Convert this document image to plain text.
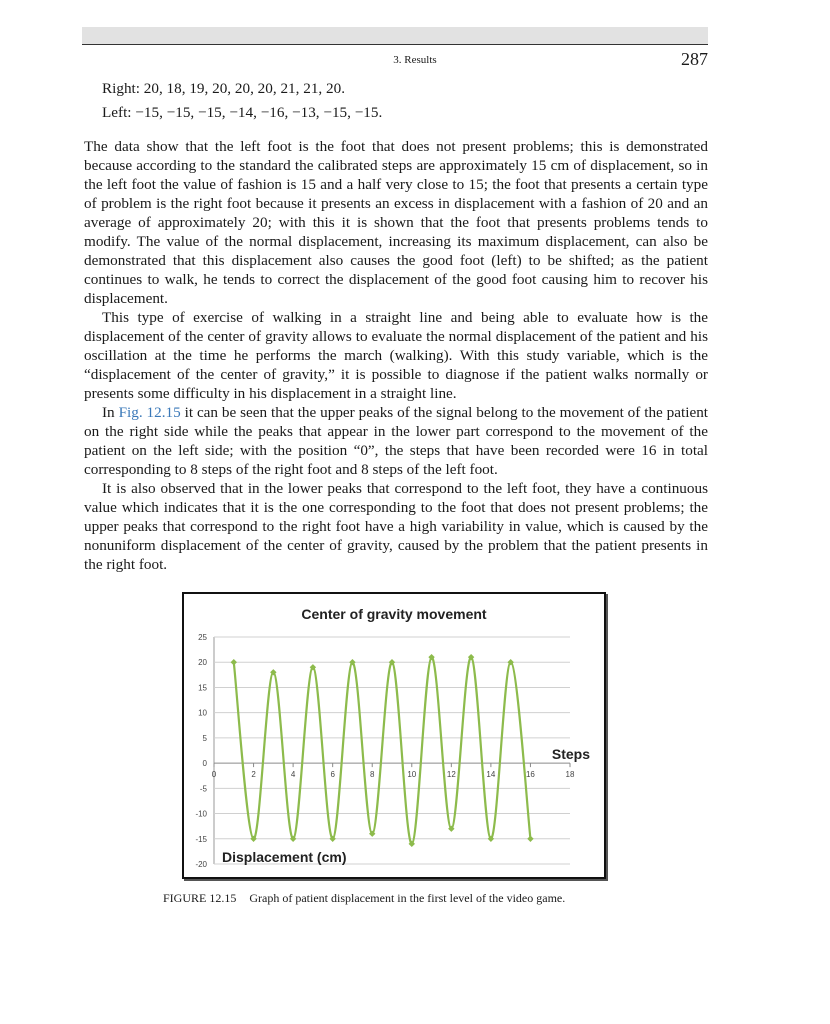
3. Results	287
Right: 20, 18, 19, 20, 20, 20, 21, 21, 20.
Left: −15, −15, −15, −14, −16, −13, −15, −15.

The data show that the left foot is the foot that does not present problems; this is demonstrated because according to the standard the calibrated steps are approximately 15 cm of displacement, so in the left foot the value of fashion is 15 and a half very close to 15; the foot that presents a certain type of problem is the right foot because it presents an excess in displacement with a fashion of 20 and an average of approximately 20; with this it is shown that the foot that presents problems tends to modify. The value of the normal displacement, increasing its maximum displacement, can also be demonstrated that this displacement also causes the good foot (left) to be shifted; as the patient continues to walk, he tends to correct the displacement of the good foot causing him to recover his displacement.

This type of exercise of walking in a straight line and being able to evaluate how is the displacement of the center of gravity allows to evaluate the normal displacement of the patient and his oscillation at the time he performs the march (walking). With this study variable, which is the “displacement of the center of gravity,” it is possible to diagnose if the patient walks normally or presents some difficulty in his displacement in a straight line.

In Fig. 12.15 it can be seen that the upper peaks of the signal belong to the movement of the patient on the right side while the peaks that appear in the lower part correspond to the movement of the patient on the left side; with the position “0”, the steps that have been recorded were 16 in total corresponding to 8 steps of the right foot and 8 steps of the left foot.

It is also observed that in the lower peaks that correspond to the left foot, they have a continuous value which indicates that it is the one corresponding to the foot that does not present problems; the upper peaks that correspond to the right foot have a high variability in value, which is caused by the nonuniform displacement of the center of gravity, caused by the problem that the patient presents in the right foot.

25
20
15
10
5
0
-5
-10
-15
-20
0	2	4	6	8	10	12	14	16	18
Center of gravity movement
Steps
Displacement (cm)
FIGURE 12.15 Graph of patient displacement in the first level of the video game.
